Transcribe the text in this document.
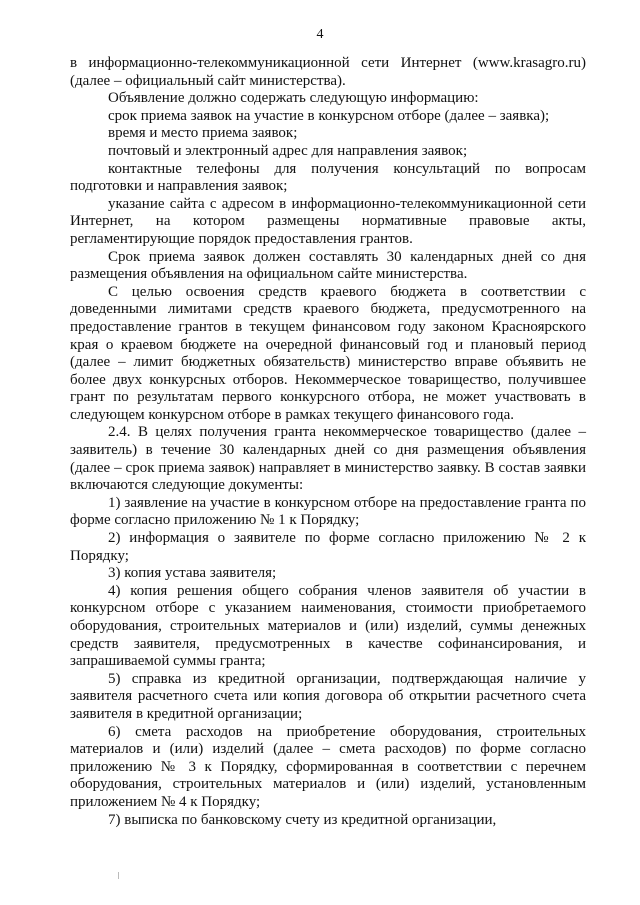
4

в информационно-телекоммуникационной сети Интернет (www.krasagro.ru) (далее – официальный сайт министерства).

Объявление должно содержать следующую информацию:

срок приема заявок на участие в конкурсном отборе (далее – заявка);

время и место приема заявок;

почтовый и электронный адрес для направления заявок;

контактные телефоны для получения консультаций по вопросам подготовки и направления заявок;

указание сайта с адресом в информационно-телекоммуникационной сети Интернет, на котором размещены нормативные правовые акты, регламентирующие порядок предоставления грантов.

Срок приема заявок должен составлять 30 календарных дней со дня размещения объявления на официальном сайте министерства.

С целью освоения средств краевого бюджета в соответствии с доведенными лимитами средств краевого бюджета, предусмотренного на предоставление грантов в текущем финансовом году законом Красноярского края о краевом бюджете на очередной финансовый год и плановый период (далее – лимит бюджетных обязательств) министерство вправе объявить не более двух конкурсных отборов. Некоммерческое товарищество, получившее грант по результатам первого конкурсного отбора, не может участвовать в следующем конкурсном отборе в рамках текущего финансового года.

2.4. В целях получения гранта некоммерческое товарищество (далее – заявитель) в течение 30 календарных дней со дня размещения объявления (далее – срок приема заявок) направляет в министерство заявку. В состав заявки включаются следующие документы:

1) заявление на участие в конкурсном отборе на предоставление гранта по форме согласно приложению № 1 к Порядку;

2) информация о заявителе по форме согласно приложению № 2 к Порядку;

3) копия устава заявителя;

4) копия решения общего собрания членов заявителя об участии в конкурсном отборе с указанием наименования, стоимости приобретаемого оборудования, строительных материалов и (или) изделий, суммы денежных средств заявителя, предусмотренных в качестве софинансирования, и запрашиваемой суммы гранта;

5) справка из кредитной организации, подтверждающая наличие у заявителя расчетного счета или копия договора об открытии расчетного счета заявителя в кредитной организации;

6) смета расходов на приобретение оборудования, строительных материалов и (или) изделий (далее – смета расходов) по форме согласно приложению № 3 к Порядку, сформированная в соответствии с перечнем оборудования, строительных материалов и (или) изделий, установленным приложением № 4 к Порядку;

7) выписка по банковскому счету из кредитной организации,
